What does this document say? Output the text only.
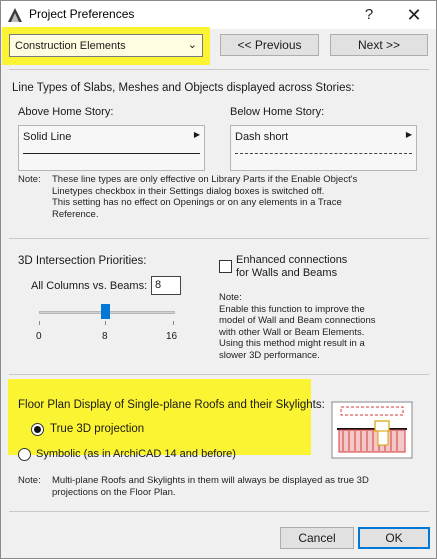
Project Preferences	?	✕
Construction Elements	⌄	<< Previous	Next >>
Line Types of Slabs, Meshes and Objects displayed across Stories:
Above Home Story:	Below Home Story:
Solid Line	▶	Dash short	▶
Note: These line types are only effective on Library Parts if the Enable Object's
Linetypes checkbox in their Settings dialog boxes is switched off.
This setting has no effect on Openings or on any elements in a Trace
Reference.
3D Intersection Priorities:
All Columns vs. Beams: 8
0	8	16
Enhanced connections
for Walls and Beams
Note:
Enable this function to improve the
model of Wall and Beam connections
with other Wall or Beam Elements.
Using this method might result in a
slower 3D performance.
Floor Plan Display of Single-plane Roofs and their Skylights:
True 3D projection
Symbolic (as in ArchiCAD 14 and before)
Note: Multi-plane Roofs and Skylights in them will always be displayed as true 3D
projections on the Floor Plan.
Cancel	OK
